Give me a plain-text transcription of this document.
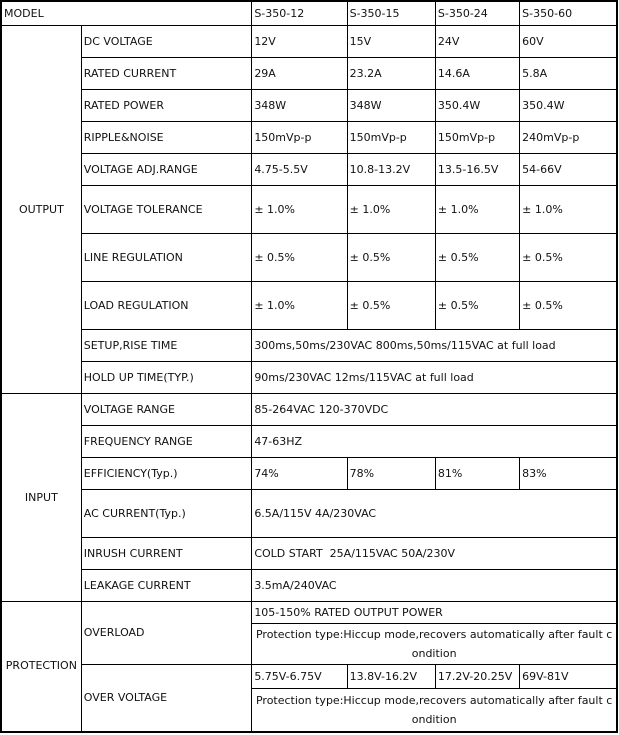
MODEL		S-350-12	S-350-15	S-350-24	S-350-60
OUTPUT	DC VOLTAGE	12V	15V	24V	60V
	RATED CURRENT	29A	23.2A	14.6A	5.8A
	RATED POWER	348W	348W	350.4W	350.4W
	RIPPLE&NOISE	150mVp-p	150mVp-p	150mVp-p	240mVp-p
	VOLTAGE ADJ.RANGE	4.75-5.5V	10.8-13.2V	13.5-16.5V	54-66V
	VOLTAGE TOLERANCE	± 1.0%	± 1.0%	± 1.0%	± 1.0%
	LINE REGULATION	± 0.5%	± 0.5%	± 0.5%	± 0.5%
	LOAD REGULATION	± 1.0%	± 0.5%	± 0.5%	± 0.5%
	SETUP,RISE TIME	300ms,50ms/230VAC 800ms,50ms/115VAC at full load			
	HOLD UP TIME(TYP.)	90ms/230VAC 12ms/115VAC at full load			
INPUT	VOLTAGE RANGE	85-264VAC 120-370VDC			
	FREQUENCY RANGE	47-63HZ			
	EFFICIENCY(Typ.)	74%	78%	81%	83%
	AC CURRENT(Typ.)	6.5A/115V 4A/230VAC			
	INRUSH CURRENT	COLD START  25A/115VAC 50A/230V			
	LEAKAGE CURRENT	3.5mA/240VAC			
PROTECTION	OVERLOAD	105-150% RATED OUTPUT POWER			
		Protection type:Hiccup mode,recovers automatically after fault condition			
	OVER VOLTAGE	5.75V-6.75V	13.8V-16.2V	17.2V-20.25V	69V-81V
		Protection type:Hiccup mode,recovers automatically after fault condition			
